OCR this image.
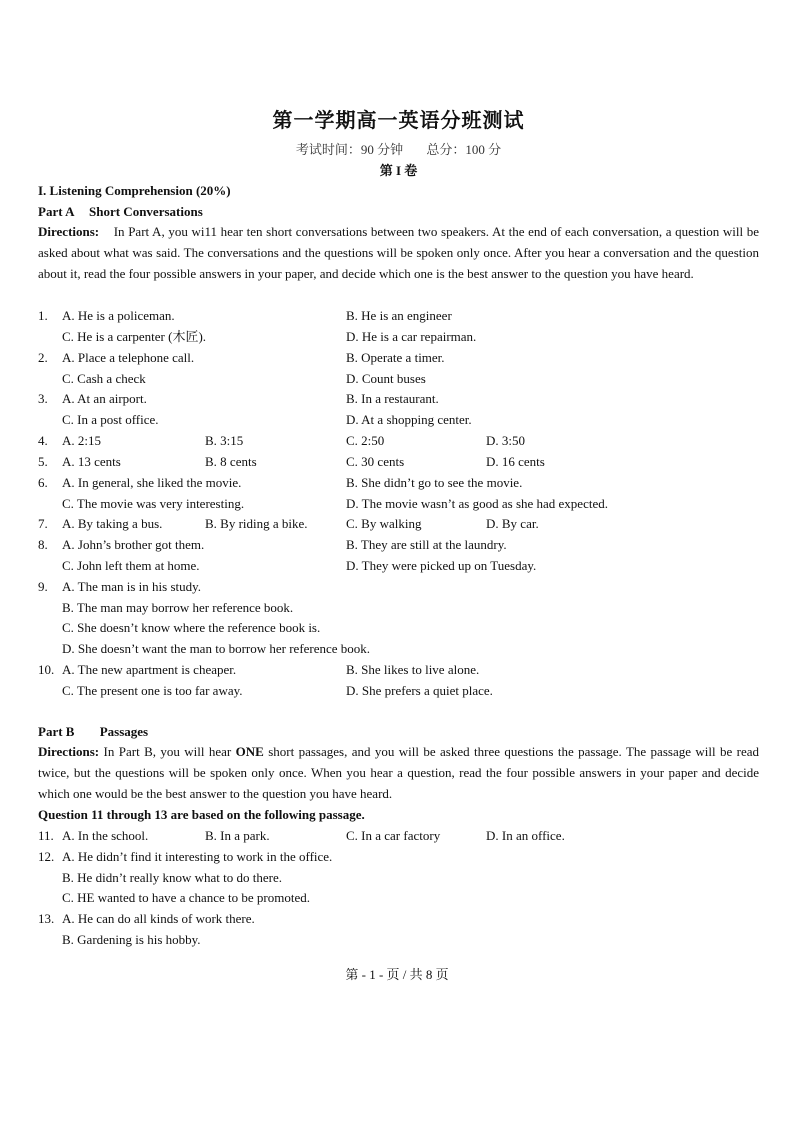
第一学期高一英语分班测试
考试时间：90 分钟 总分：100 分
第 I 卷
I. Listening Comprehension (20%)
Part A Short Conversations
Directions: In Part A, you wi11 hear ten short conversations between two speakers. At the end of each conversation, a question will be asked about what was said. The conversations and the questions will be spoken only once. After you hear a conversation and the question about it, read the four possible answers in your paper, and decide which one is the best answer to the question you have heard.
1. A. He is a policeman.	B. He is an engineer
C. He is a carpenter (木匠).	D. He is a car repairman.
2. A. Place a telephone call.	B. Operate a timer.
C. Cash a check	D. Count buses
3. A. At an airport.	B. In a restaurant.
C. In a post office.	D. At a shopping center.
4. A. 2:15	B. 3:15	C. 2:50	D. 3:50
5. A. 13 cents	B. 8 cents	C. 30 cents	D. 16 cents
6. A. In general, she liked the movie.	B. She didn’t go to see the movie.
C. The movie was very interesting.	D. The movie wasn’t as good as she had expected.
7. A. By taking a bus.	B. By riding a bike.	C. By walking	D. By car.
8. A. John’s brother got them.	B. They are still at the laundry.
C. John left them at home.	D. They were picked up on Tuesday.
9. A. The man is in his study.
B. The man may borrow her reference book.
C. She doesn’t know where the reference book is.
D. She doesn’t want the man to borrow her reference book.
10. A. The new apartment is cheaper.	B. She likes to live alone.
C. The present one is too far away.	D. She prefers a quiet place.
Part B Passages
Directions: In Part B, you will hear ONE short passages, and you will be asked three questions the passage. The passage will be read twice, but the questions will be spoken only once. When you hear a question, read the four possible answers in your paper and decide which one would be the best answer to the question you have heard.
Question 11 through 13 are based on the following passage.
11. A. In the school.	B. In a park.	C. In a car factory	D. In an office.
12. A. He didn’t find it interesting to work in the office.
B. He didn’t really know what to do there.
C. HE wanted to have a chance to be promoted.
13. A. He can do all kinds of work there.
B. Gardening is his hobby.
第 - 1 - 页 / 共 8 页
